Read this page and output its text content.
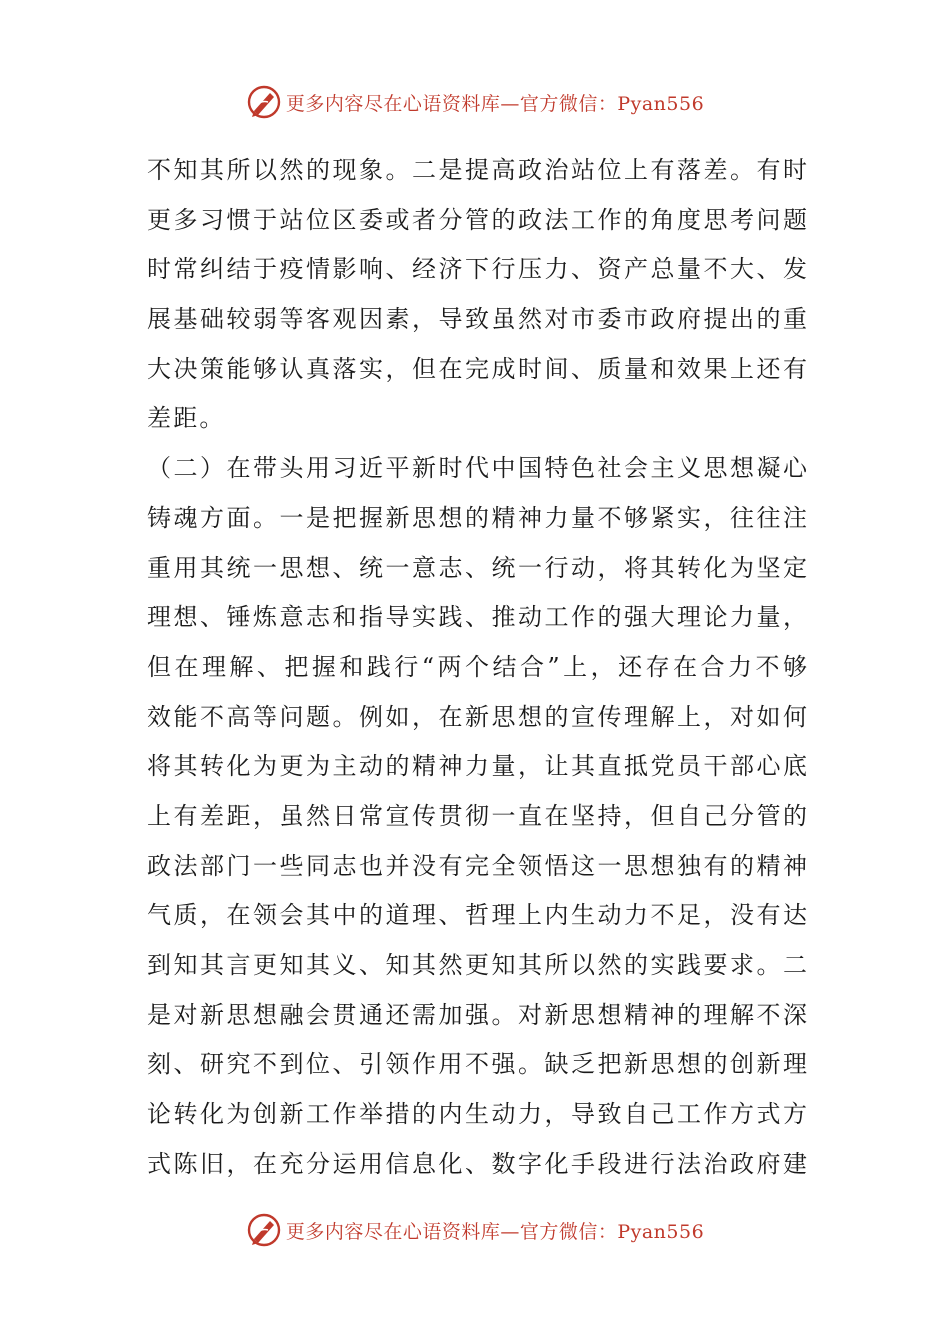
更多内容尽在心语资料库—官方微信：Pyan556
不知其所以然的现象。二是提高政治站位上有落差。有时
更多习惯于站位区委或者分管的政法工作的角度思考问题
时常纠结于疫情影响、经济下行压力、资产总量不大、发
展基础较弱等客观因素，导致虽然对市委市政府提出的重
大决策能够认真落实，但在完成时间、质量和效果上还有
差距。
（二）在带头用习近平新时代中国特色社会主义思想凝心
铸魂方面。一是把握新思想的精神力量不够紧实，往往注
重用其统一思想、统一意志、统一行动，将其转化为坚定
理想、锤炼意志和指导实践、推动工作的强大理论力量，
但在理解、把握和践行“两个结合”上，还存在合力不够
效能不高等问题。例如，在新思想的宣传理解上，对如何
将其转化为更为主动的精神力量，让其直抵党员干部心底
上有差距，虽然日常宣传贯彻一直在坚持，但自己分管的
政法部门一些同志也并没有完全领悟这一思想独有的精神
气质，在领会其中的道理、哲理上内生动力不足，没有达
到知其言更知其义、知其然更知其所以然的实践要求。二
是对新思想融会贯通还需加强。对新思想精神的理解不深
刻、研究不到位、引领作用不强。缺乏把新思想的创新理
论转化为创新工作举措的内生动力，导致自己工作方式方
式陈旧，在充分运用信息化、数字化手段进行法治政府建
更多内容尽在心语资料库—官方微信：Pyan556
